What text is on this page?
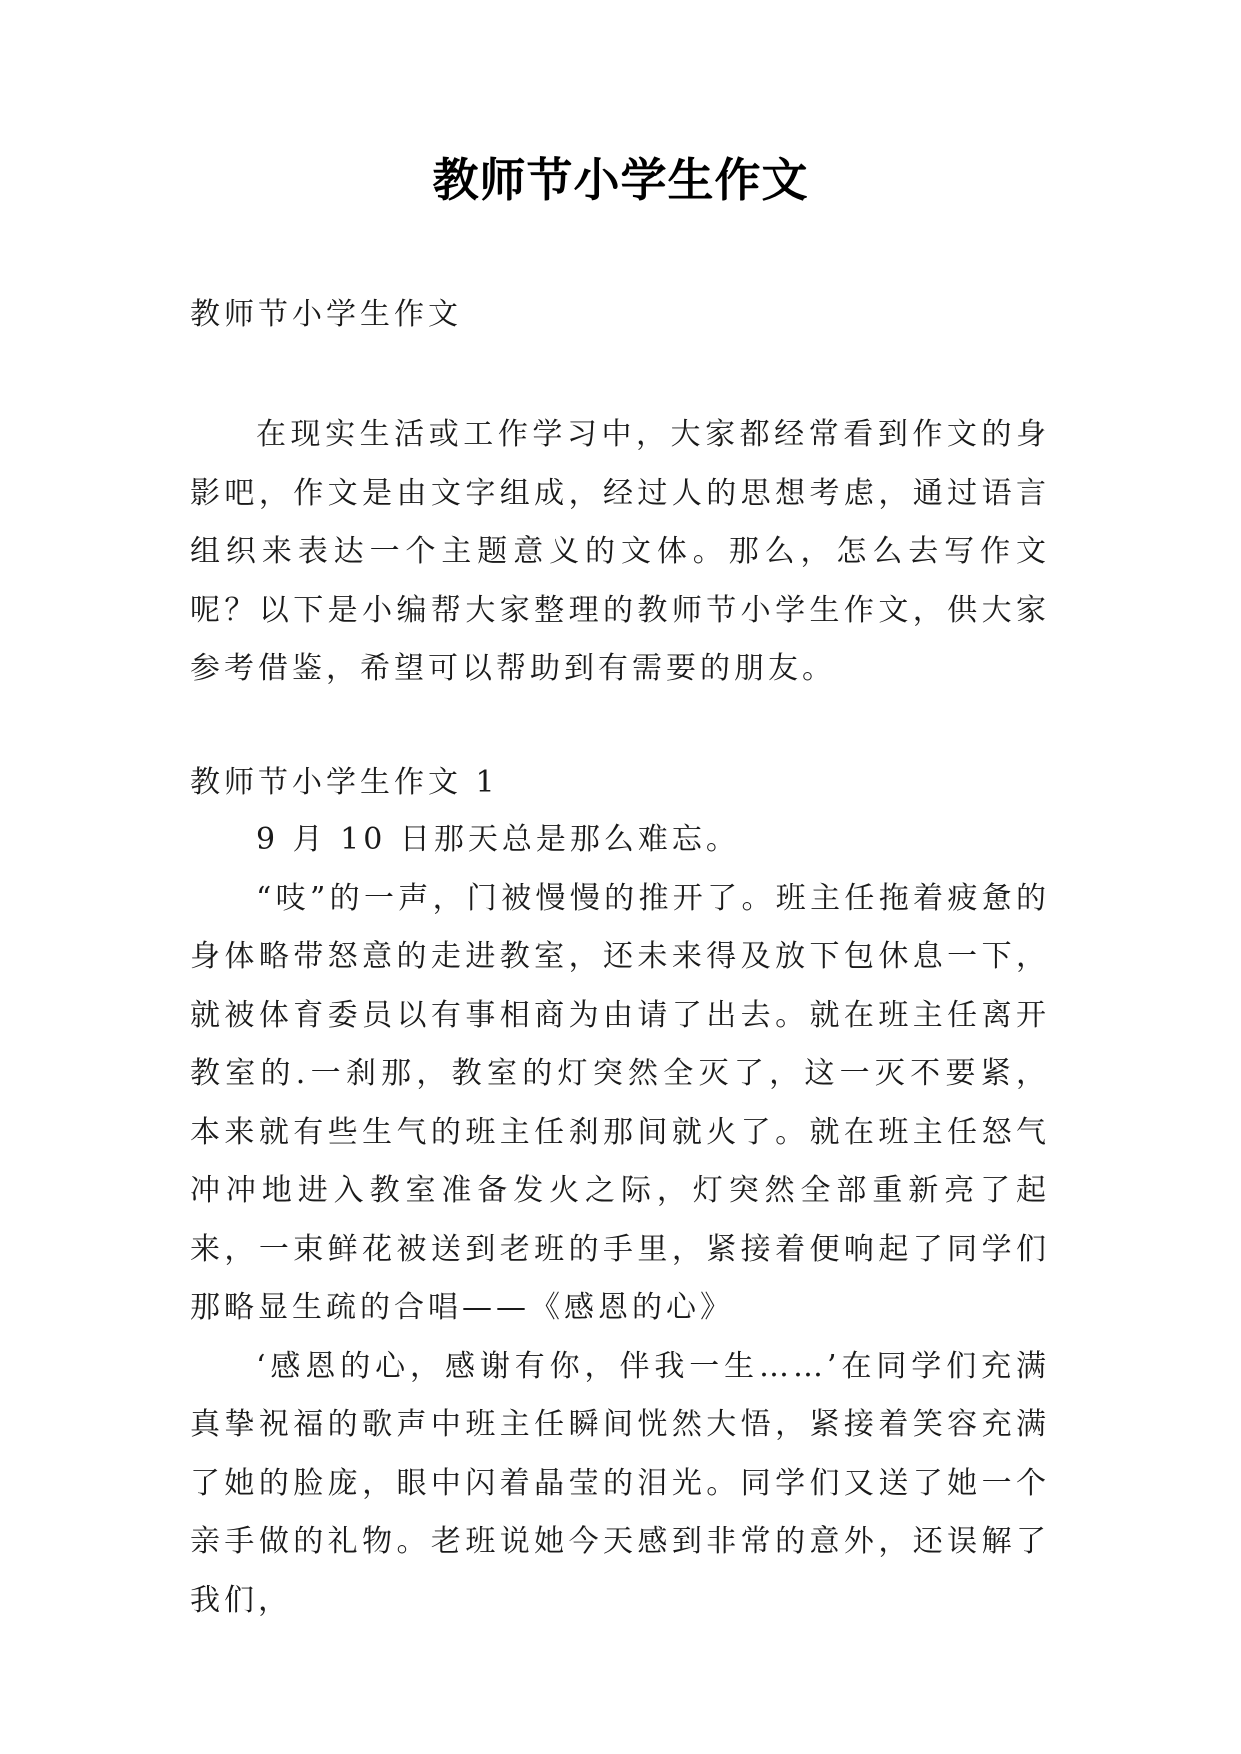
教师节小学生作文
教师节小学生作文
在现实生活或工作学习中，大家都经常看到作文的身影吧，作文是由文字组成，经过人的思想考虑，通过语言组织来表达一个主题意义的文体。那么，怎么去写作文呢？以下是小编帮大家整理的教师节小学生作文，供大家参考借鉴，希望可以帮助到有需要的朋友。
教师节小学生作文 1

9 月 10 日那天总是那么难忘。

“吱”的一声，门被慢慢的推开了。班主任拖着疲惫的身体略带怒意的走进教室，还未来得及放下包休息一下，就被体育委员以有事相商为由请了出去。就在班主任离开教室的.一刹那，教室的灯突然全灭了，这一灭不要紧，本来就有些生气的班主任刹那间就火了。就在班主任怒气冲冲地进入教室准备发火之际，灯突然全部重新亮了起来，一束鲜花被送到老班的手里，紧接着便响起了同学们那略显生疏的合唱——《感恩的心》

‘感恩的心，感谢有你，伴我一生……’在同学们充满真挚祝福的歌声中班主任瞬间恍然大悟，紧接着笑容充满了她的脸庞，眼中闪着晶莹的泪光。同学们又送了她一个亲手做的礼物。老班说她今天感到非常的意外，还误解了我们，
